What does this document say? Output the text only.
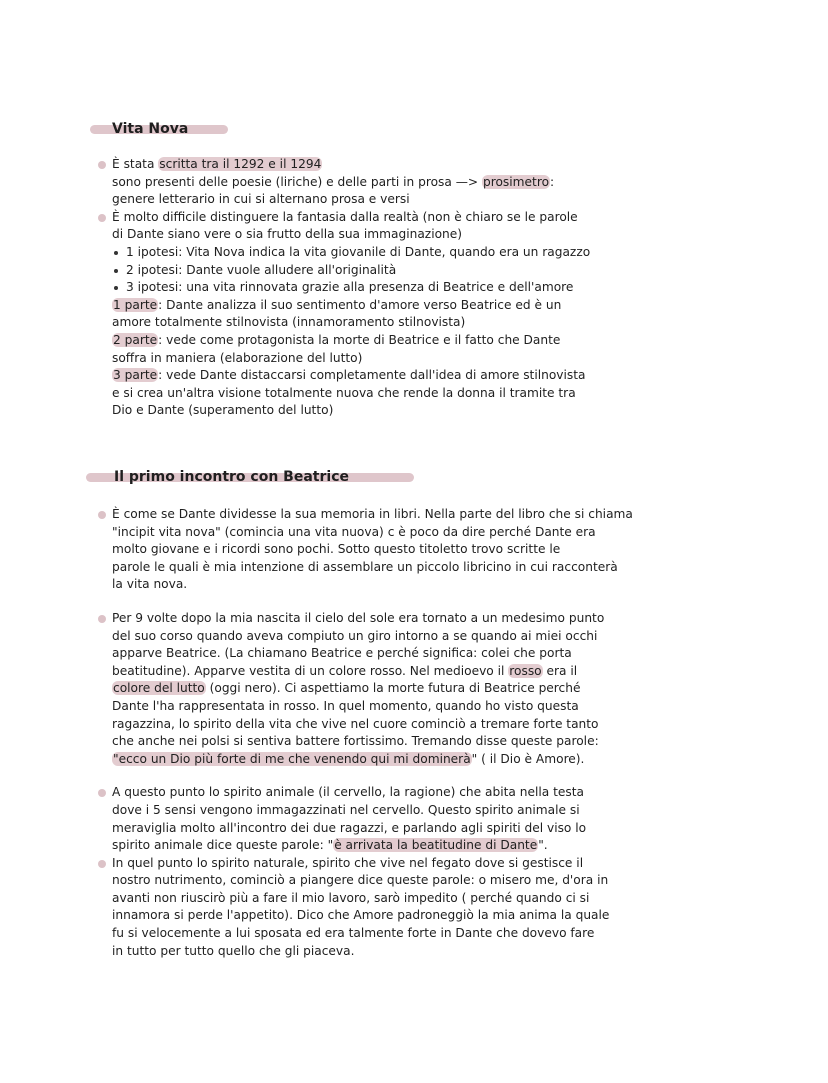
Vita Nova
È stata scritta tra il 1292 e il 1294
sono presenti delle poesie (liriche) e delle parti in prosa —> prosimetro:
genere letterario in cui si alternano prosa e versi
È molto difficile distinguere la fantasia dalla realtà (non è chiaro se le parole
di Dante siano vere o sia frutto della sua immaginazione)
1 ipotesi: Vita Nova indica la vita giovanile di Dante, quando era un ragazzo
2 ipotesi: Dante vuole alludere all'originalità
3 ipotesi: una vita rinnovata grazie alla presenza di Beatrice e dell'amore
1 parte: Dante analizza il suo sentimento d'amore verso Beatrice ed è un
amore totalmente stilnovista (innamoramento stilnovista)
2 parte: vede come protagonista la morte di Beatrice e il fatto che Dante
soffra in maniera (elaborazione del lutto)
3 parte: vede Dante distaccarsi completamente dall'idea di amore stilnovista
e si crea un'altra visione totalmente nuova che rende la donna il tramite tra
Dio e Dante (superamento del lutto)
Il primo incontro con Beatrice
È come se Dante dividesse la sua memoria in libri. Nella parte del libro che si chiama
"incipit vita nova" (comincia una vita nuova) c è poco da dire perché Dante era
molto giovane e i ricordi sono pochi. Sotto questo titoletto trovo scritte le
parole le quali è mia intenzione di assemblare un piccolo libricino in cui racconterà
la vita nova.
Per 9 volte dopo la mia nascita il cielo del sole era tornato a un medesimo punto
del suo corso quando aveva compiuto un giro intorno a se quando ai miei occhi
apparve Beatrice. (La chiamano Beatrice e perché significa: colei che porta
beatitudine). Apparve vestita di un colore rosso. Nel medioevo il rosso era il
colore del lutto (oggi nero). Ci aspettiamo la morte futura di Beatrice perché
Dante l'ha rappresentata in rosso. In quel momento, quando ho visto questa
ragazzina, lo spirito della vita che vive nel cuore cominciò a tremare forte tanto
che anche nei polsi si sentiva battere fortissimo. Tremando disse queste parole:
"ecco un Dio più forte di me che venendo qui mi dominerà" ( il Dio è Amore).
A questo punto lo spirito animale (il cervello, la ragione) che abita nella testa
dove i 5 sensi vengono immagazzinati nel cervello. Questo spirito animale si
meraviglia molto all'incontro dei due ragazzi, e parlando agli spiriti del viso lo
spirito animale dice queste parole: "è arrivata la beatitudine di Dante".
In quel punto lo spirito naturale, spirito che vive nel fegato dove si gestisce il
nostro nutrimento, cominciò a piangere dice queste parole: o misero me, d'ora in
avanti non riuscirò più a fare il mio lavoro, sarò impedito ( perché quando ci si
innamora si perde l'appetito). Dico che Amore padroneggiò la mia anima la quale
fu si velocemente a lui sposata ed era talmente forte in Dante che dovevo fare
in tutto per tutto quello che gli piaceva.
